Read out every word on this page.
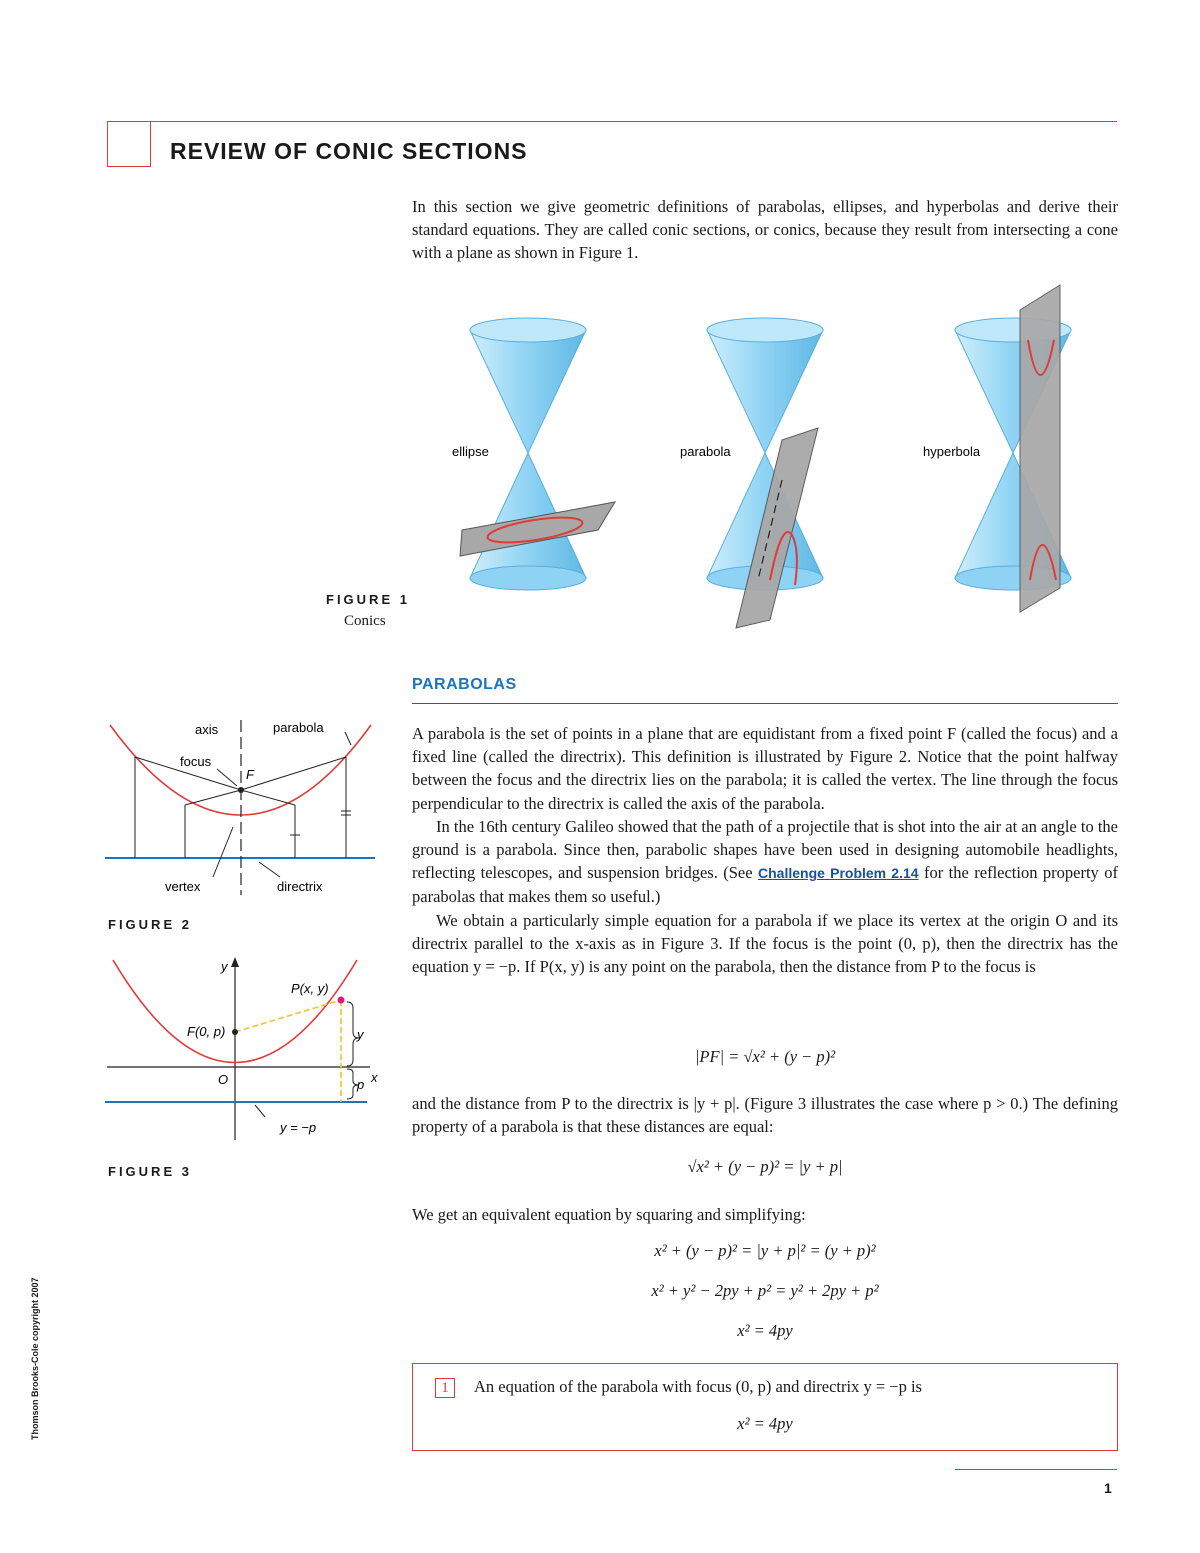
REVIEW OF CONIC SECTIONS
In this section we give geometric definitions of parabolas, ellipses, and hyperbolas and derive their standard equations. They are called conic sections, or conics, because they result from intersecting a cone with a plane as shown in Figure 1.
ellipse	parabola	hyperbola
FIGURE 1
Conics
PARABOLAS
axis	parabola
focus
F
vertex	directrix
FIGURE 2
y
x
P(x, y)
F(0, p)
O
y
p
y = −p
FIGURE 3
A parabola is the set of points in a plane that are equidistant from a fixed point F (called the focus) and a fixed line (called the directrix). This definition is illustrated by Figure 2. Notice that the point halfway between the focus and the directrix lies on the parabola; it is called the vertex. The line through the focus perpendicular to the directrix is called the axis of the parabola.
In the 16th century Galileo showed that the path of a projectile that is shot into the air at an angle to the ground is a parabola. Since then, parabolic shapes have been used in designing automobile headlights, reflecting telescopes, and suspension bridges. (See Challenge Problem 2.14 for the reflection property of parabolas that makes them so useful.)
We obtain a particularly simple equation for a parabola if we place its vertex at the origin O and its directrix parallel to the x-axis as in Figure 3. If the focus is the point (0, p), then the directrix has the equation y = −p. If P(x, y) is any point on the parabola, then the distance from P to the focus is
|PF| = √x² + (y − p)²
and the distance from P to the directrix is |y + p|. (Figure 3 illustrates the case where p > 0.) The defining property of a parabola is that these distances are equal:
√x² + (y − p)² = |y + p|
We get an equivalent equation by squaring and simplifying:
x² + (y − p)² = |y + p|² = (y + p)²
x² + y² − 2py + p² = y² + 2py + p²
x² = 4py
1	An equation of the parabola with focus (0, p) and directrix y = −p is
x² = 4py
1
Thomson Brooks-Cole copyright 2007
